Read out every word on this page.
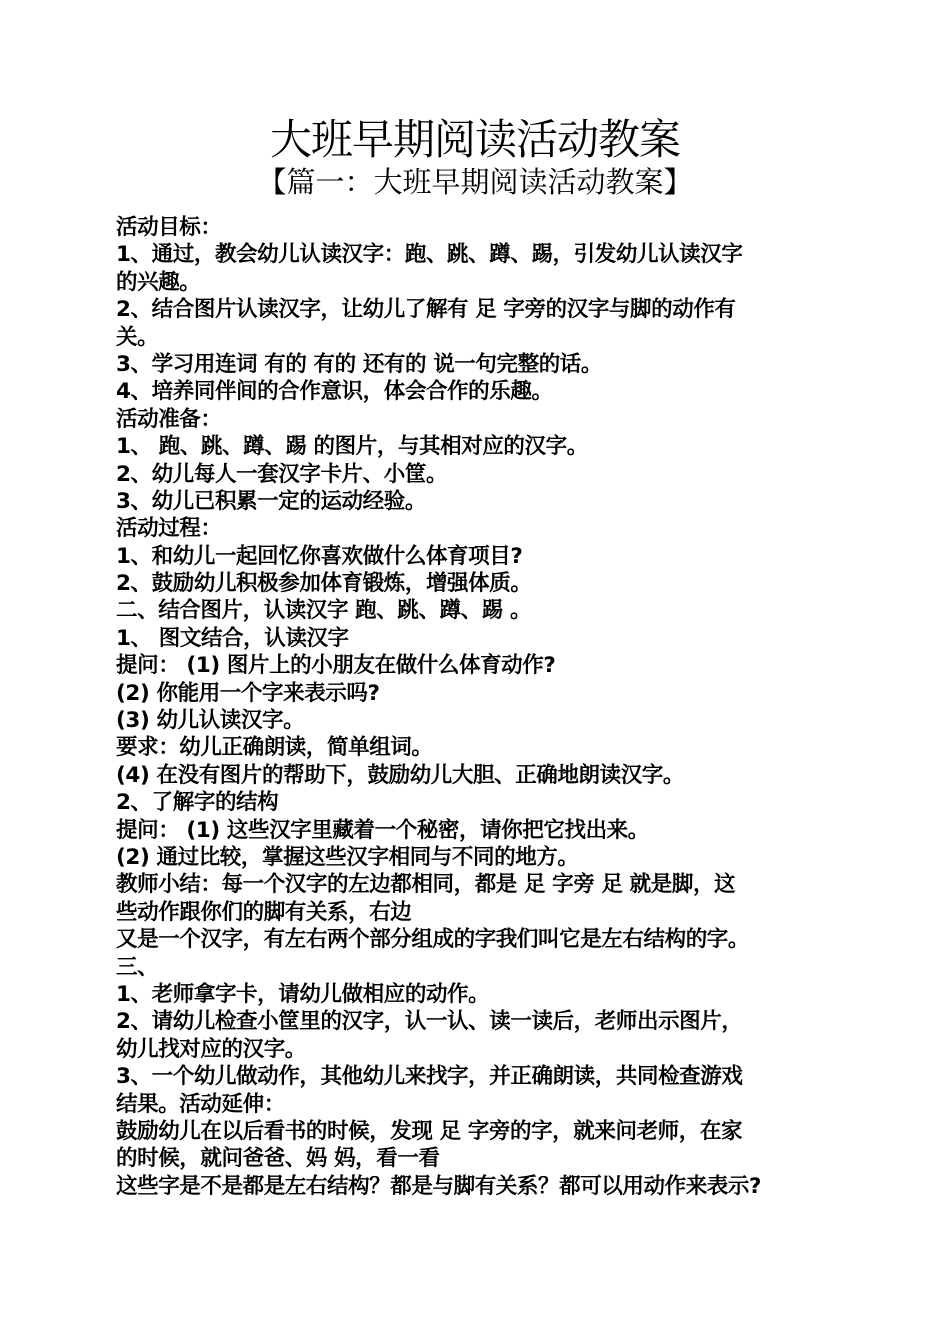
大班早期阅读活动教案
【篇一：大班早期阅读活动教案】
活动目标：
1、通过，教会幼儿认读汉字：跑、跳、蹲、踢，引发幼儿认读汉字
的兴趣。
2、结合图片认读汉字，让幼儿了解有 足 字旁的汉字与脚的动作有
关。
3、学习用连词 有的 有的 还有的 说一句完整的话。
4、培养同伴间的合作意识，体会合作的乐趣。
活动准备：
1、 跑、跳、蹲、踢 的图片，与其相对应的汉字。
2、幼儿每人一套汉字卡片、小筐。
3、幼儿已积累一定的运动经验。
活动过程：
1、和幼儿一起回忆你喜欢做什么体育项目?
2、鼓励幼儿积极参加体育锻炼，增强体质。
二、结合图片，认读汉字 跑、跳、蹲、踢 。
1、 图文结合，认读汉字
提问： (1) 图片上的小朋友在做什么体育动作?
(2) 你能用一个字来表示吗?
(3) 幼儿认读汉字。
要求：幼儿正确朗读，简单组词。
(4) 在没有图片的帮助下，鼓励幼儿大胆、正确地朗读汉字。
2、了解字的结构
提问： (1) 这些汉字里藏着一个秘密，请你把它找出来。
(2) 通过比较，掌握这些汉字相同与不同的地方。
教师小结：每一个汉字的左边都相同，都是 足 字旁 足 就是脚，这
些动作跟你们的脚有关系，右边
又是一个汉字，有左右两个部分组成的字我们叫它是左右结构的字。
三、
1、老师拿字卡，请幼儿做相应的动作。
2、请幼儿检查小筐里的汉字，认一认、读一读后，老师出示图片，
幼儿找对应的汉字。
3、一个幼儿做动作，其他幼儿来找字，并正确朗读，共同检查游戏
结果。活动延伸：
鼓励幼儿在以后看书的时候，发现 足 字旁的字，就来问老师，在家
的时候，就问爸爸、妈 妈，看一看
这些字是不是都是左右结构？都是与脚有关系？都可以用动作来表示?
